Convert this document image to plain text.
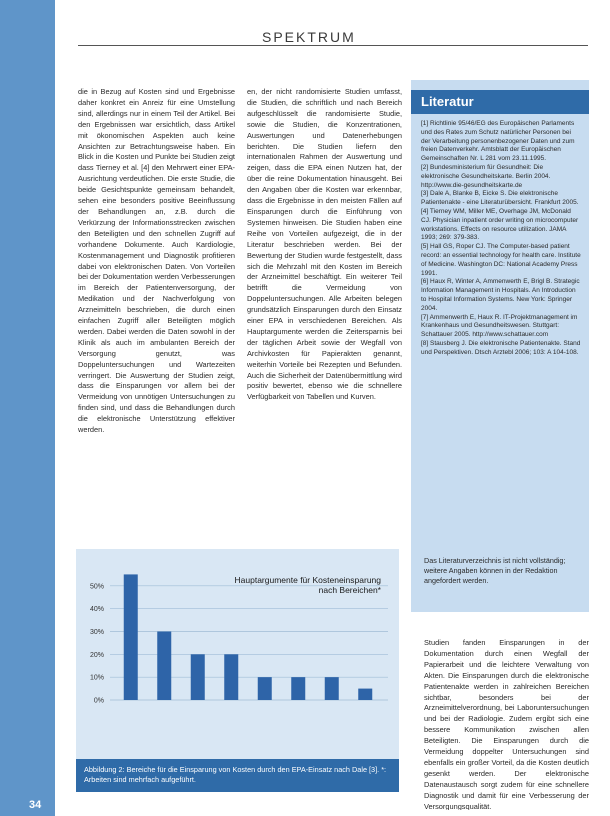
34
SPEKTRUM
die in Bezug auf Kosten sind und Ergebnisse daher konkret ein Anreiz für eine Umstellung sind, allerdings nur in einem Teil der Artikel. Bei den Ergebnissen war ersichtlich, dass Artikel mit ökonomischen Aspekten auch keine Ansichten zur Betrachtungsweise haben. Ein Blick in die Kosten und Punkte bei Studien zeigt dass Tierney et al. [4] den Mehrwert einer EPA-Ausrichtung verdeutlichen. Die erste Studie, die beide Gesichtspunkte gemeinsam behandelt, sehen eine besonders positive Beeinflussung der Behandlungen an, z.B. durch die Verkürzung der Informationsstrecken zwischen den Beteiligten und den schnellen Zugriff auf vorhandene Dokumente. Auch Kardiologie, Kostenmanagement und Diagnostik profitieren dabei von elektronischen Daten. Von Vorteilen bei der Dokumentation werden Verbesserungen im Bereich der Patientenversorgung, der Medikation und der Nachverfolgung von Arzneimitteln beschrieben, die durch einen einfachen Zugriff aller Beteiligten möglich werden. Dabei werden die Daten sowohl in der Klinik als auch im ambulanten Bereich der Versorgung genutzt, was Doppeluntersuchungen und Wartezeiten verringert. Die Auswertung der Studien zeigt, dass die Einsparungen vor allem bei der Vermeidung von unnötigen Untersuchungen zu finden sind, und dass die Behandlungen durch die elektronische Unterstützung effektiver werden.
en, der nicht randomisierte Studien umfasst, die Studien, die schriftlich und nach Bereich aufgeschlüsselt die randomisierte Studie, sowie die Studien, die Konzentrationen, Auswertungen und Datenerhebungen berichten. Die Studien liefern den internationalen Rahmen der Auswertung und zeigen, dass die EPA einen Nutzen hat, der über die reine Dokumentation hinausgeht. Bei den Angaben über die Kosten war erkennbar, dass die Ergebnisse in den meisten Fällen auf Einsparungen durch die Einführung von Systemen hinweisen. Die Studien haben eine Reihe von Vorteilen aufgezeigt, die in der Literatur beschrieben werden. Bei der Bewertung der Studien wurde festgestellt, dass sich die Mehrzahl mit den Kosten im Bereich der Arzneimittel beschäftigt. Ein weiterer Teil betrifft die Vermeidung von Doppeluntersuchungen. Alle Arbeiten belegen grundsätzlich Einsparungen durch den Einsatz einer EPA in verschiedenen Bereichen. Als Hauptargumente werden die Zeitersparnis bei der täglichen Arbeit sowie der Wegfall von Archivkosten für Papierakten genannt, weiterhin Vorteile bei Rezepten und Befunden. Auch die Sicherheit der Datenübermittlung wird positiv bewertet, ebenso wie die schnellere Verfügbarkeit von Tabellen und Kurven.
Literatur

[1] Richtlinie 95/46/EG des Europäischen Parlaments und des Rates zum Schutz natürlicher Personen bei der Verarbeitung personenbezogener Daten und zum freien Datenverkehr. Amtsblatt der Europäischen Gemeinschaften Nr. L 281 vom 23.11.1995.

[2] Bundesministerium für Gesundheit: Die elektronische Gesundheitskarte. Berlin 2004. http://www.die-gesundheitskarte.de

[3] Dale A, Blanke B, Eicke S. Die elektronische Patientenakte - eine Literaturübersicht. Frankfurt 2005.

[4] Tierney WM, Miller ME, Overhage JM, McDonald CJ. Physician inpatient order writing on microcomputer workstations. Effects on resource utilization. JAMA 1993; 269: 379-383.

[5] Hall GS, Roper CJ. The Computer-based patient record: an essential technology for health care. Institute of Medicine. Washington DC: National Academy Press 1991.

[6] Haux R, Winter A, Ammenwerth E, Brigl B. Strategic Information Management in Hospitals. An Introduction to Hospital Information Systems. New York: Springer 2004.

[7] Ammenwerth E, Haux R. IT-Projektmanagement im Krankenhaus und Gesundheitswesen. Stuttgart: Schattauer 2005. http://www.schattauer.com

[8] Stausberg J. Die elektronische Patientenakte. Stand und Perspektiven. Dtsch Arztebl 2006; 103: A 104-108.

Das Literaturverzeichnis ist nicht vollständig; weitere Angaben können in der Redaktion angefordert werden.
Studien fanden Einsparungen in der Dokumentation durch einen Wegfall der Papierarbeit und die leichtere Verwaltung von Akten. Die Einsparungen durch die elektronische Patientenakte werden in zahlreichen Bereichen sichtbar, besonders bei der Arzneimittelverordnung, bei Laboruntersuchungen und bei der Radiologie. Zudem ergibt sich eine bessere Kommunikation zwischen allen Beteiligten. Die Einsparungen durch die Vermeidung doppelter Untersuchungen sind ebenfalls ein großer Vorteil, da die Kosten deutlich gesenkt werden. Der elektronische Datenaustausch sorgt zudem für eine schnellere Diagnostik und damit für eine Verbesserung der Versorgungsqualität.
50%
40%
30%
20%
10%
0%
Hauptargumente für Kosteneinsparung
nach Bereichen*
Abbildung 2: Bereiche für die Einsparung von Kosten durch den EPA-Einsatz nach Dale [3]. *: Arbeiten sind mehrfach aufgeführt.
